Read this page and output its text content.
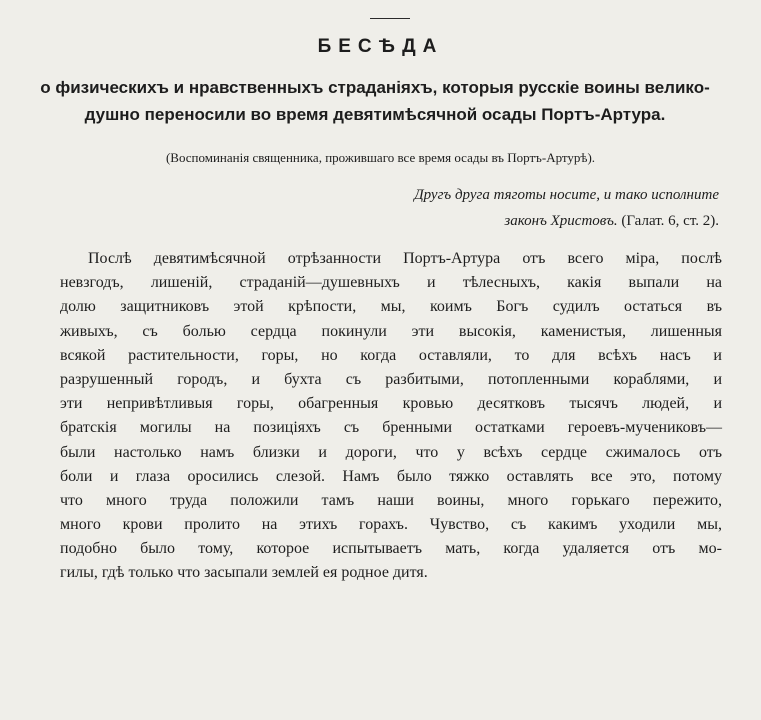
БЕСѢДА
о физическихъ и нравственныхъ страданіяхъ, которыя русскіе воины велико-
душно переносили во время девятимѣсячной осады Портъ-Артура.
(Воспоминанія священника, прожившаго все время осады въ Портъ-Артурѣ).
Другъ друга тяготы носите, и тако исполните
законъ Христовъ. (Галат. 6, ст. 2).
Послѣ девятимѣсячной отрѣзанности Портъ-Артура отъ всего міра, послѣ
невзгодъ, лишеній, страданій—душевныхъ и тѣлесныхъ, какія выпали на
долю защитниковъ этой крѣпости, мы, коимъ Богъ судилъ остаться въ
живыхъ, съ болью сердца покинули эти высокія, каменистыя, лишенныя
всякой растительности, горы, но когда оставляли, то для всѣхъ насъ и
разрушенный городъ, и бухта съ разбитыми, потопленными кораблями, и
эти непривѣтливыя горы, обагренныя кровью десятковъ тысячъ людей, и
братскія могилы на позиціяхъ съ бренными остатками героевъ-мучениковъ—
были настолько намъ близки и дороги, что у всѣхъ сердце сжималось отъ
боли и глаза оросились слезой. Намъ было тяжко оставлять все это, потому
что много труда положили тамъ наши воины, много горькаго пережито,
много крови пролито на этихъ горахъ. Чувство, съ какимъ уходили мы,
подобно было тому, которое испытываетъ мать, когда удаляется отъ мо-
гилы, гдѣ только что засыпали землей ея родное дитя.
